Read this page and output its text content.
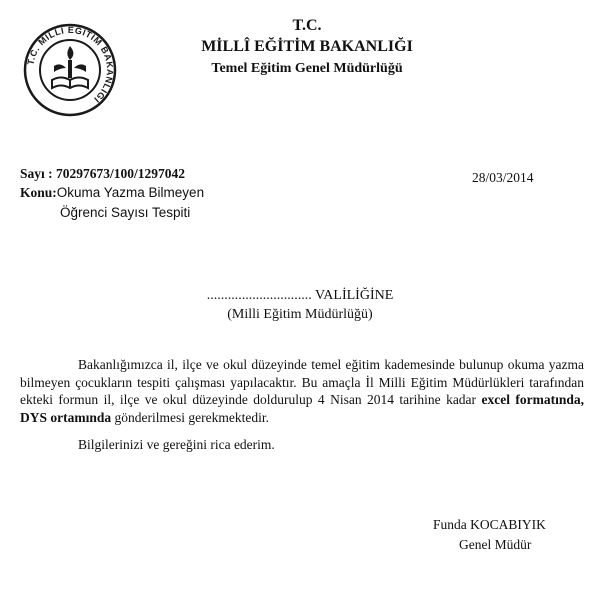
T.C. MİLLÎ EĞİTİM BAKANLIĞI
T.C.
MİLLÎ EĞİTİM BAKANLIĞI
Temel Eğitim Genel Müdürlüğü
Sayı : 70297673/100/1297042	28/03/2014
Konu:Okuma Yazma Bilmeyen
Öğrenci Sayısı Tespiti
.............................. VALİLİĞİNE
(Milli Eğitim Müdürlüğü)
Bakanlığımızca il, ilçe ve okul düzeyinde temel eğitim kademesinde bulunup okuma yazma bilmeyen çocukların tespiti çalışması yapılacaktır. Bu amaçla İl Milli Eğitim Müdürlükleri tarafından ekteki formun il, ilçe ve okul düzeyinde doldurulup 4 Nisan 2014 tarihine kadar excel formatında, DYS ortamında gönderilmesi gerekmektedir.
Bilgilerinizi ve gereğini rica ederim.
Funda KOCABIYIK
Genel Müdür
